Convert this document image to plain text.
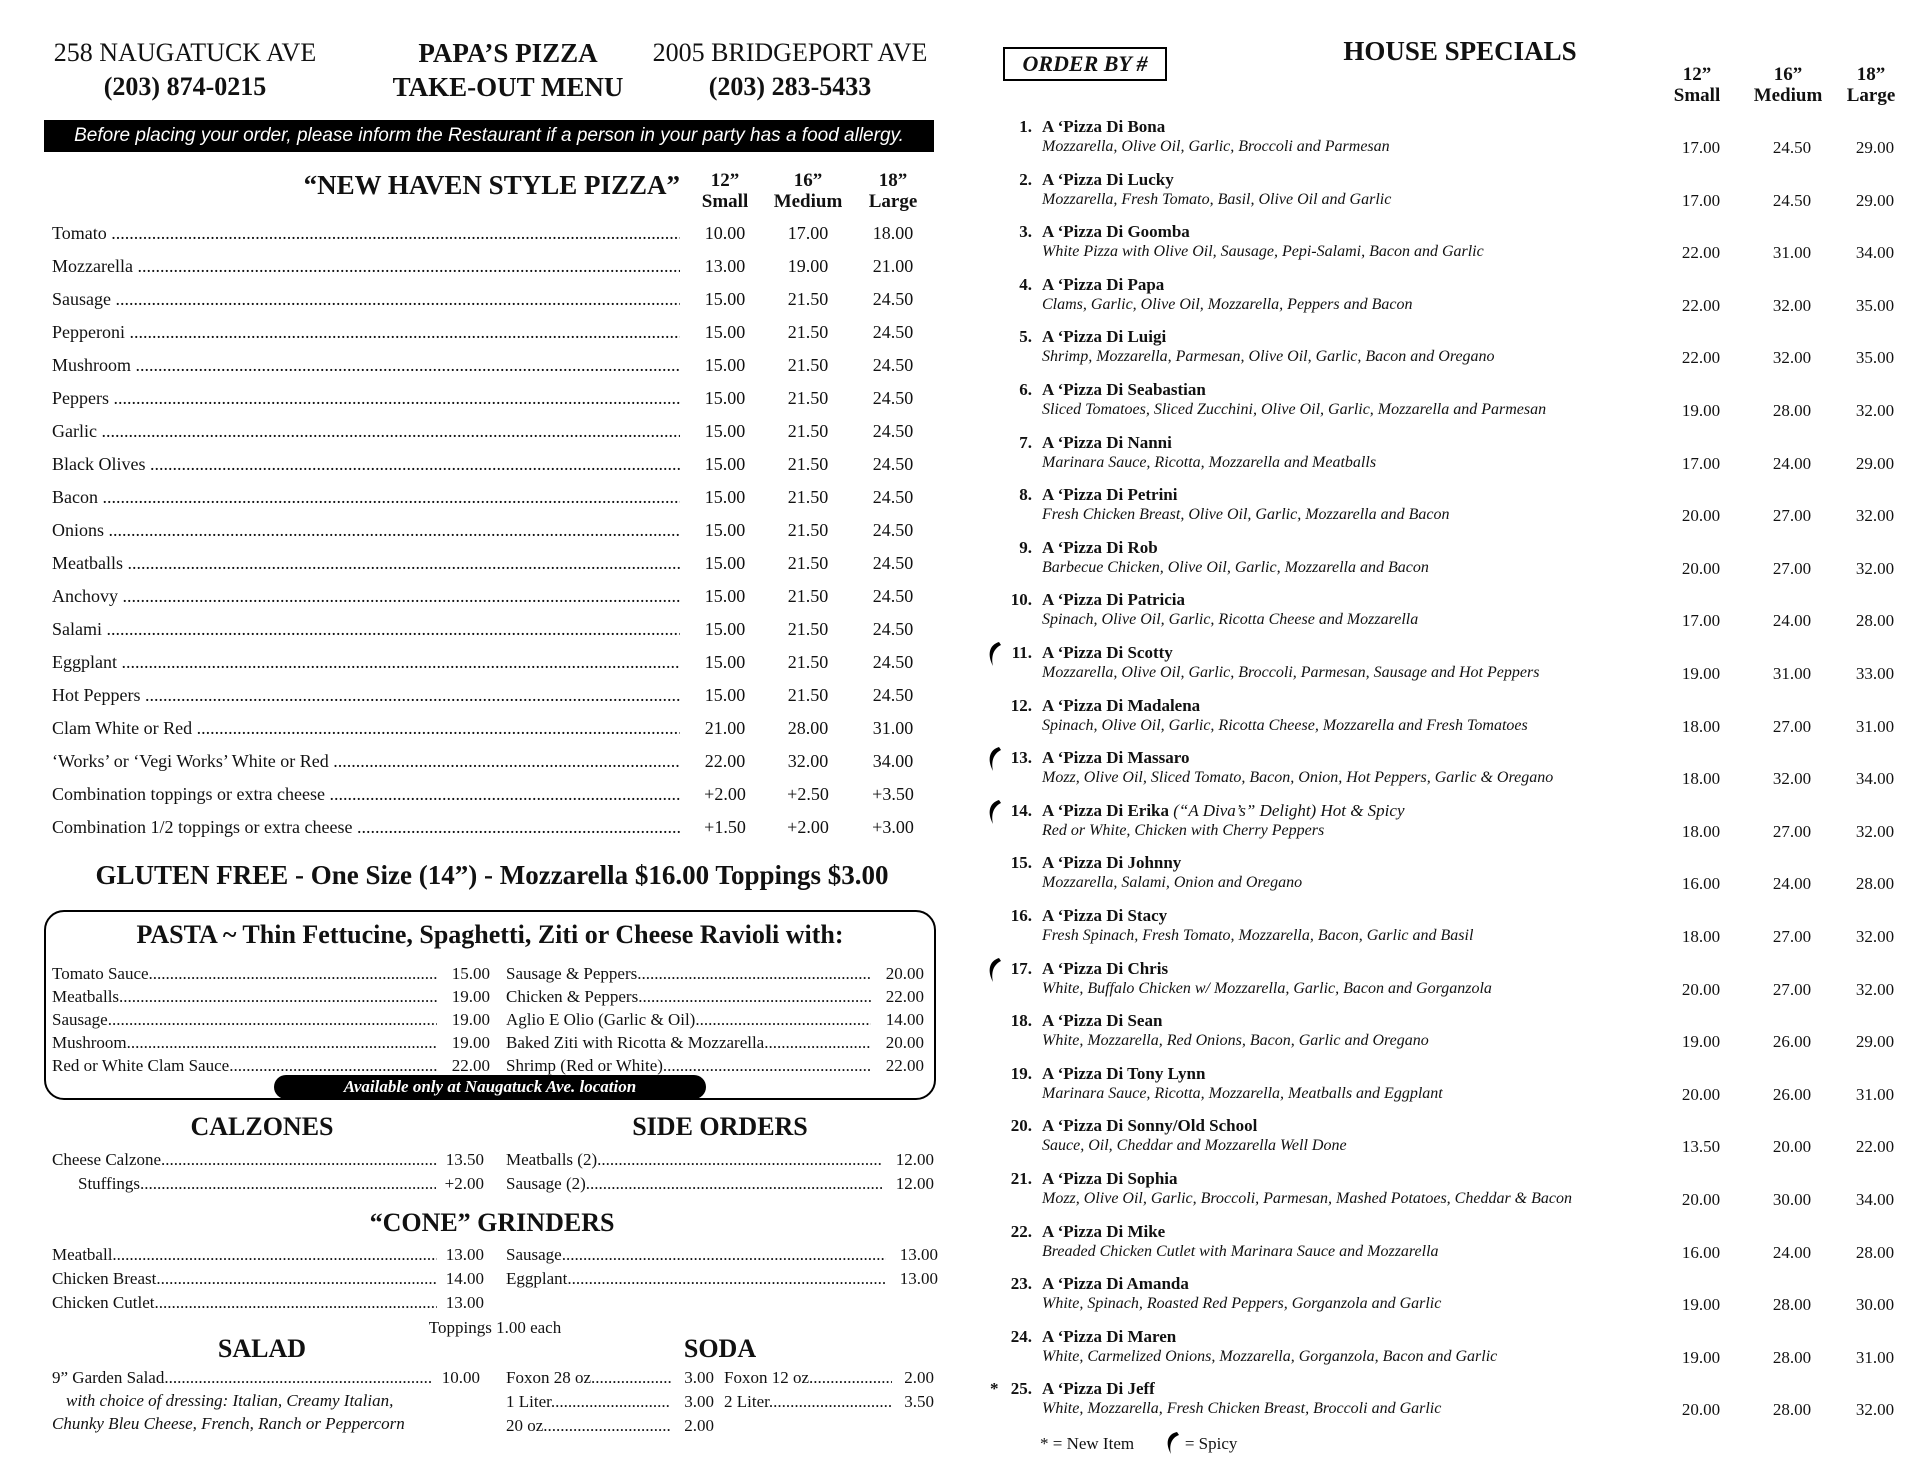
258 NAUGATUCK AVE
(203) 874-0215
PAPA’S PIZZA
TAKE-OUT MENU
2005 BRIDGEPORT AVE
(203) 283-5433
Before placing your order, please inform the Restaurant if a person in your party has a food allergy.
“NEW HAVEN STYLE PIZZA”	12”
Small
16”
Medium
18”
Large
Tomato .....	10.00	17.00	18.00
Mozzarella .....	13.00	19.00	21.00
Sausage .....	15.00	21.50	24.50
Pepperoni .....	15.00	21.50	24.50
Mushroom .....	15.00	21.50	24.50
Peppers .....	15.00	21.50	24.50
Garlic .....	15.00	21.50	24.50
Black Olives .....	15.00	21.50	24.50
Bacon .....	15.00	21.50	24.50
Onions .....	15.00	21.50	24.50
Meatballs .....	15.00	21.50	24.50
Anchovy .....	15.00	21.50	24.50
Salami .....	15.00	21.50	24.50
Eggplant .....	15.00	21.50	24.50
Hot Peppers .....	15.00	21.50	24.50
Clam White or Red .....	21.00	28.00	31.00
‘Works’ or ‘Vegi Works’ White or Red .....	22.00	32.00	34.00
Combination toppings or extra cheese .....	+2.00	+2.50	+3.50
Combination 1/2 toppings or extra cheese .....	+1.50	+2.00	+3.00
GLUTEN FREE - One Size (14”) - Mozzarella $16.00 Toppings $3.00
PASTA ~ Thin Fettucine, Spaghetti, Ziti or Cheese Ravioli with:
Tomato Sauce .....	15.00
Meatballs .....	19.00
Sausage .....	19.00
Mushroom .....	19.00
Red or White Clam Sauce .....	22.00
Sausage & Peppers .....	20.00
Chicken & Peppers .....	22.00
Aglio E Olio (Garlic & Oil) .....	14.00
Baked Ziti with Ricotta & Mozzarella .....	20.00
Shrimp (Red or White) .....	22.00
Available only at Naugatuck Ave. location
CALZONES	SIDE ORDERS
Cheese Calzone .....	13.50
Stuffings .....	+2.00
Meatballs (2) .....	12.00
Sausage (2) .....	12.00
“CONE” GRINDERS
Meatball .....	13.00
Chicken Breast .....	14.00
Chicken Cutlet .....	13.00
Sausage .....	13.00
Eggplant .....	13.00
Toppings 1.00 each
SALAD	SODA
9” Garden Salad .....	10.00
with choice of dressing: Italian, Creamy Italian,
Chunky Bleu Cheese, French, Ranch or Peppercorn
Foxon 28 oz. .....	3.00
1 Liter .....	3.00
20 oz. .....	2.00
Foxon 12 oz. .....	2.00
2 Liter .....	3.50
ORDER BY #	HOUSE SPECIALS
12”
Small
16”
Medium
18”
Large
1. A ‘Pizza Di Bona
Mozzarella, Olive Oil, Garlic, Broccoli and Parmesan	17.00	24.50	29.00
2. A ‘Pizza Di Lucky
Mozzarella, Fresh Tomato, Basil, Olive Oil and Garlic	17.00	24.50	29.00
3. A ‘Pizza Di Goomba
White Pizza with Olive Oil, Sausage, Pepi-Salami, Bacon and Garlic	22.00	31.00	34.00
4. A ‘Pizza Di Papa
Clams, Garlic, Olive Oil, Mozzarella, Peppers and Bacon	22.00	32.00	35.00
5. A ‘Pizza Di Luigi
Shrimp, Mozzarella, Parmesan, Olive Oil, Garlic, Bacon and Oregano	22.00	32.00	35.00
6. A ‘Pizza Di Seabastian
Sliced Tomatoes, Sliced Zucchini, Olive Oil, Garlic, Mozzarella and Parmesan	19.00	28.00	32.00
7. A ‘Pizza Di Nanni
Marinara Sauce, Ricotta, Mozzarella and Meatballs	17.00	24.00	29.00
8. A ‘Pizza Di Petrini
Fresh Chicken Breast, Olive Oil, Garlic, Mozzarella and Bacon	20.00	27.00	32.00
9. A ‘Pizza Di Rob
Barbecue Chicken, Olive Oil, Garlic, Mozzarella and Bacon	20.00	27.00	32.00
10. A ‘Pizza Di Patricia
Spinach, Olive Oil, Garlic, Ricotta Cheese and Mozzarella	17.00	24.00	28.00
11. A ‘Pizza Di Scotty
Mozzarella, Olive Oil, Garlic, Broccoli, Parmesan, Sausage and Hot Peppers	19.00	31.00	33.00
12. A ‘Pizza Di Madalena
Spinach, Olive Oil, Garlic, Ricotta Cheese, Mozzarella and Fresh Tomatoes	18.00	27.00	31.00
13. A ‘Pizza Di Massaro
Mozz, Olive Oil, Sliced Tomato, Bacon, Onion, Hot Peppers, Garlic & Oregano	18.00	32.00	34.00
14. A ‘Pizza Di Erika (“A Diva’s” Delight) Hot & Spicy
Red or White, Chicken with Cherry Peppers	18.00	27.00	32.00
15. A ‘Pizza Di Johnny
Mozzarella, Salami, Onion and Oregano	16.00	24.00	28.00
16. A ‘Pizza Di Stacy
Fresh Spinach, Fresh Tomato, Mozzarella, Bacon, Garlic and Basil	18.00	27.00	32.00
17. A ‘Pizza Di Chris
White, Buffalo Chicken w/ Mozzarella, Garlic, Bacon and Gorganzola	20.00	27.00	32.00
18. A ‘Pizza Di Sean
White, Mozzarella, Red Onions, Bacon, Garlic and Oregano	19.00	26.00	29.00
19. A ‘Pizza Di Tony Lynn
Marinara Sauce, Ricotta, Mozzarella, Meatballs and Eggplant	20.00	26.00	31.00
20. A ‘Pizza Di Sonny/Old School
Sauce, Oil, Cheddar and Mozzarella Well Done	13.50	20.00	22.00
21. A ‘Pizza Di Sophia
Mozz, Olive Oil, Garlic, Broccoli, Parmesan, Mashed Potatoes, Cheddar & Bacon	20.00	30.00	34.00
22. A ‘Pizza Di Mike
Breaded Chicken Cutlet with Marinara Sauce and Mozzarella	16.00	24.00	28.00
23. A ‘Pizza Di Amanda
White, Spinach, Roasted Red Peppers, Gorganzola and Garlic	19.00	28.00	30.00
24. A ‘Pizza Di Maren
White, Carmelized Onions, Mozzarella, Gorganzola, Bacon and Garlic	19.00	28.00	31.00
* 25. A ‘Pizza Di Jeff
White, Mozzarella, Fresh Chicken Breast, Broccoli and Garlic	20.00	28.00	32.00
* = New Item	= Spicy
